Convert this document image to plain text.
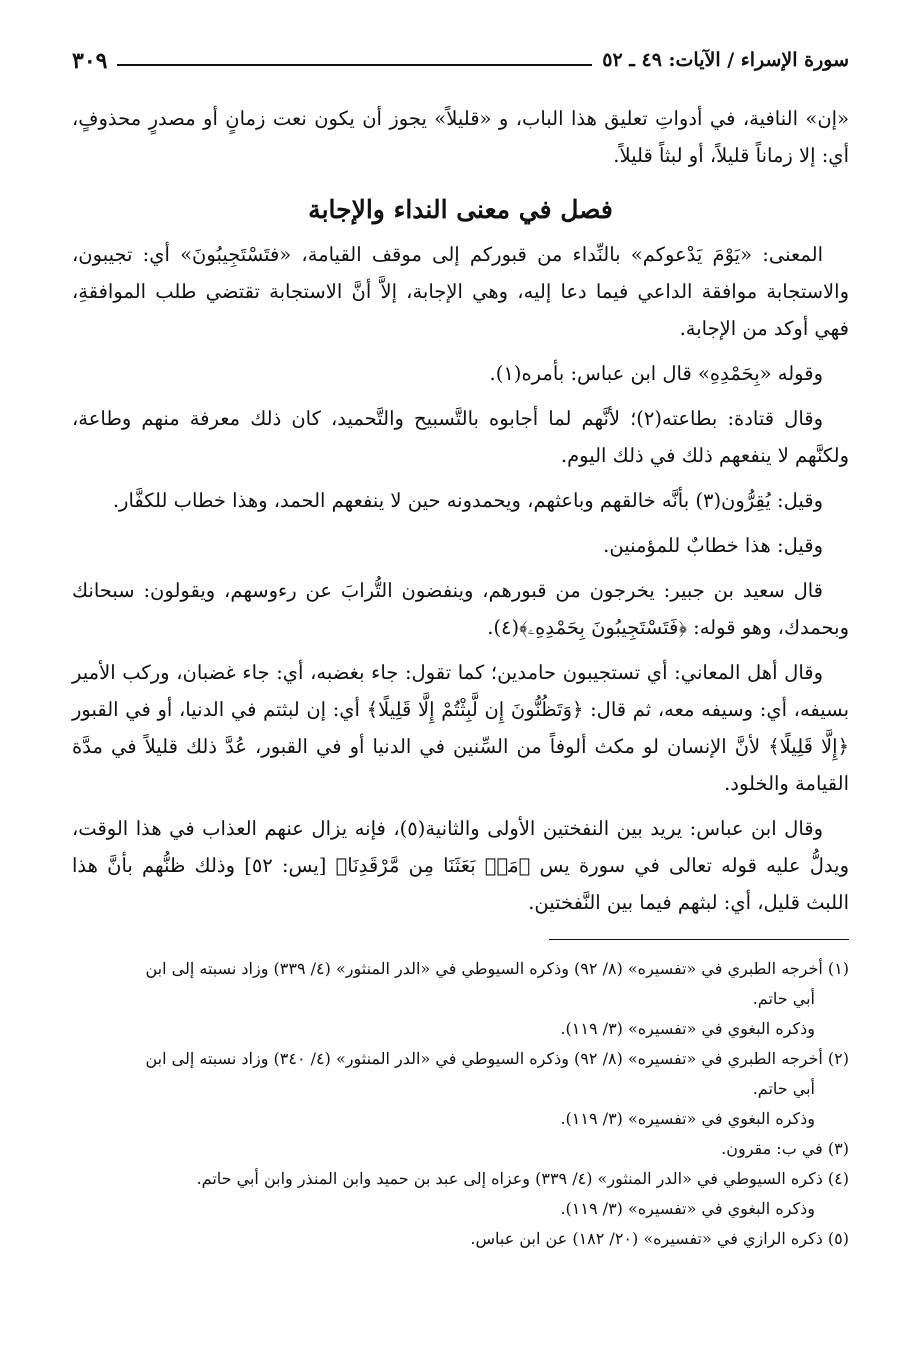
سورة الإسراء / الآيات: ٤٩ ـ ٥٢
٣٠٩

«إن» النافية، في أدواتِ تعليق هذا الباب، و «قليلاً» يجوز أن يكون نعت زمانٍ أو مصدرٍ محذوفٍ، أي: إلا زماناً قليلاً، أو لبثاً قليلاً.

فصل في معنى النداء والإجابة

المعنى: «يَوْمَ يَدْعوكم» بالنِّداء من قبوركم إلى موقف القيامة، «فتَسْتَجِيبُونَ» أي: تجيبون، والاستجابة موافقة الداعي فيما دعا إليه، وهي الإجابة، إلاَّ أنَّ الاستجابة تقتضي طلب الموافقةِ، فهي أوكد من الإجابة.

وقوله «بِحَمْدِهِ» قال ابن عباس: بأمره(١).

وقال قتادة: بطاعته(٢)؛ لأنَّهم لما أجابوه بالتَّسبيح والتَّحميد، كان ذلك معرفة منهم وطاعة، ولكنَّهم لا ينفعهم ذلك في ذلك اليوم.

وقيل: يُقِرُّون(٣) بأنَّه خالقهم وباعثهم، ويحمدونه حين لا ينفعهم الحمد، وهذا خطاب للكفَّار.

وقيل: هذا خطابٌ للمؤمنين.

قال سعيد بن جبير: يخرجون من قبورهم، وينفضون التُّرابَ عن رءوسهم، ويقولون: سبحانك وبحمدك، وهو قوله: ﴿فَتَسْتَجِيبُونَ بِحَمْدِهِۦ﴾(٤).

وقال أهل المعاني: أي تستجيبون حامدين؛ كما تقول: جاء بغضبه، أي: جاء غضبان، وركب الأمير بسيفه، أي: وسيفه معه، ثم قال: ﴿وَتَظُنُّونَ إِن لَّبِثْتُمْ إِلَّا قَلِيلًا﴾ أي: إن لبثتم في الدنيا، أو في القبور ﴿إِلَّا قَلِيلًا﴾ لأنَّ الإنسان لو مكث ألوفاً من السِّنين في الدنيا أو في القبور، عُدَّ ذلك قليلاً في مدَّة القيامة والخلود.

وقال ابن عباس: يريد بين النفختين الأولى والثانية(٥)، فإنه يزال عنهم العذاب في هذا الوقت، ويدلُّ عليه قوله تعالى في سورة يس ﴿مَنۢ بَعَثَنَا مِن مَّرْقَدِنَا﴾ [يس: ٥٢] وذلك ظنُّهم بأنَّ هذا اللبث قليل، أي: لبثهم فيما بين النَّفختين.

(١) أخرجه الطبري في «تفسيره» (٨/ ٩٢) وذكره السيوطي في «الدر المنثور» (٤/ ٣٣٩) وزاد نسبته إلى ابن

أبي حاتم.

وذكره البغوي في «تفسيره» (٣/ ١١٩).

(٢) أخرجه الطبري في «تفسيره» (٨/ ٩٢) وذكره السيوطي في «الدر المنثور» (٤/ ٣٤٠) وزاد نسبته إلى ابن

أبي حاتم.

وذكره البغوي في «تفسيره» (٣/ ١١٩).

(٣) في ب: مقرون.

(٤) ذكره السيوطي في «الدر المنثور» (٤/ ٣٣٩) وعزاه إلى عبد بن حميد وابن المنذر وابن أبي حاتم.

وذكره البغوي في «تفسيره» (٣/ ١١٩).

(٥) ذكره الرازي في «تفسيره» (٢٠/ ١٨٢) عن ابن عباس.
